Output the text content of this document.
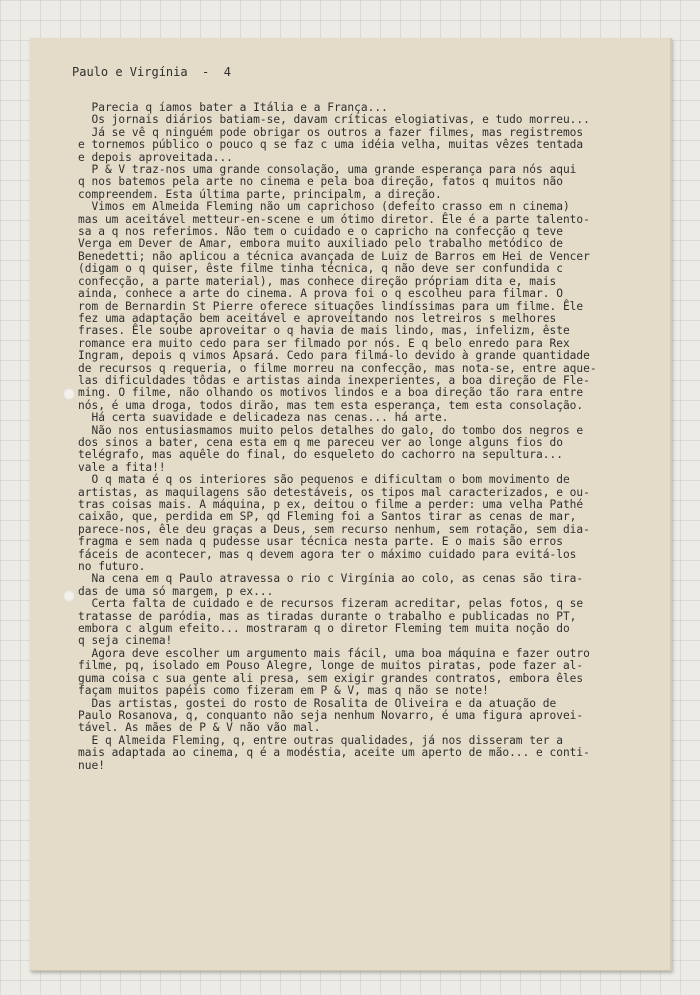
Paulo e Virgínia  -  4
Parecia q íamos bater a Itália e a França...
Os jornais diários batiam-se, davam críticas elogiativas, e tudo morreu...
Já se vê q ninguém pode obrigar os outros a fazer filmes, mas registremos
e tornemos público o pouco q se faz c uma idéia velha, muitas vêzes tentada
e depois aproveitada...
P & V traz-nos uma grande consolação, uma grande esperança para nós aqui
q nos batemos pela arte no cinema e pela boa direção, fatos q muitos não
compreendem. Esta última parte, principalm, a direção.
Vimos em Almeida Fleming não um caprichoso (defeito crasso em n cinema)
mas um aceitável metteur-en-scene e um ótimo diretor. Êle é a parte talento-
sa a q nos referimos. Não tem o cuidado e o capricho na confecção q teve
Verga em Dever de Amar, embora muito auxiliado pelo trabalho metódico de
Benedetti; não aplicou a técnica avançada de Luiz de Barros em Hei de Vencer
(digam o q quiser, êste filme tinha técnica, q não deve ser confundida c
confecção, a parte material), mas conhece direção própriam dita e, mais
ainda, conhece a arte do cinema. A prova foi o q escolheu para filmar. O
rom de Bernardin St Pierre oferece situações lindíssimas para um filme. Êle
fez uma adaptação bem aceitável e aproveitando nos letreiros s melhores
frases. Êle soube aproveitar o q havia de mais lindo, mas, infelizm, êste
romance era muito cedo para ser filmado por nós. E q belo enredo para Rex
Ingram, depois q vimos Apsará. Cedo para filmá-lo devido à grande quantidade
de recursos q requeria, o filme morreu na confecção, mas nota-se, entre aque-
las dificuldades tôdas e artistas ainda inexperientes, a boa direção de Fle-
ming. O filme, não olhando os motivos lindos e a boa direção tão rara entre
nós, é uma droga, todos dirão, mas tem esta esperança, tem esta consolação.
Há certa suavidade e delicadeza nas cenas... há arte.
Não nos entusiasmamos muito pelos detalhes do galo, do tombo dos negros e
dos sinos a bater, cena esta em q me pareceu ver ao longe alguns fios do
telégrafo, mas aquêle do final, do esqueleto do cachorro na sepultura...
vale a fita!!
O q mata é q os interiores são pequenos e dificultam o bom movimento de
artistas, as maquilagens são detestáveis, os tipos mal caracterizados, e ou-
tras coisas mais. A máquina, p ex, deitou o filme a perder: uma velha Pathé
caixão, que, perdida em SP, qd Fleming foi a Santos tirar as cenas de mar,
parece-nos, êle deu graças a Deus, sem recurso nenhum, sem rotação, sem dia-
fragma e sem nada q pudesse usar técnica nesta parte. E o mais são erros
fáceis de acontecer, mas q devem agora ter o máximo cuidado para evitá-los
no futuro.
Na cena em q Paulo atravessa o rio c Virgínia ao colo, as cenas são tira-
das de uma só margem, p ex...
Certa falta de cuidado e de recursos fizeram acreditar, pelas fotos, q se
tratasse de paródia, mas as tiradas durante o trabalho e publicadas no PT,
embora c algum efeito... mostraram q o diretor Fleming tem muita noção do
q seja cinema!
Agora deve escolher um argumento mais fácil, uma boa máquina e fazer outro
filme, pq, isolado em Pouso Alegre, longe de muitos piratas, pode fazer al-
guma coisa c sua gente ali presa, sem exigir grandes contratos, embora êles
façam muitos papéis como fizeram em P & V, mas q não se note!
Das artistas, gostei do rosto de Rosalita de Oliveira e da atuação de
Paulo Rosanova, q, conquanto não seja nenhum Novarro, é uma figura aprovei-
tável. As mães de P & V não vão mal.
E q Almeida Fleming, q, entre outras qualidades, já nos disseram ter a
mais adaptada ao cinema, q é a modéstia, aceite um aperto de mão... e conti-
nue!
